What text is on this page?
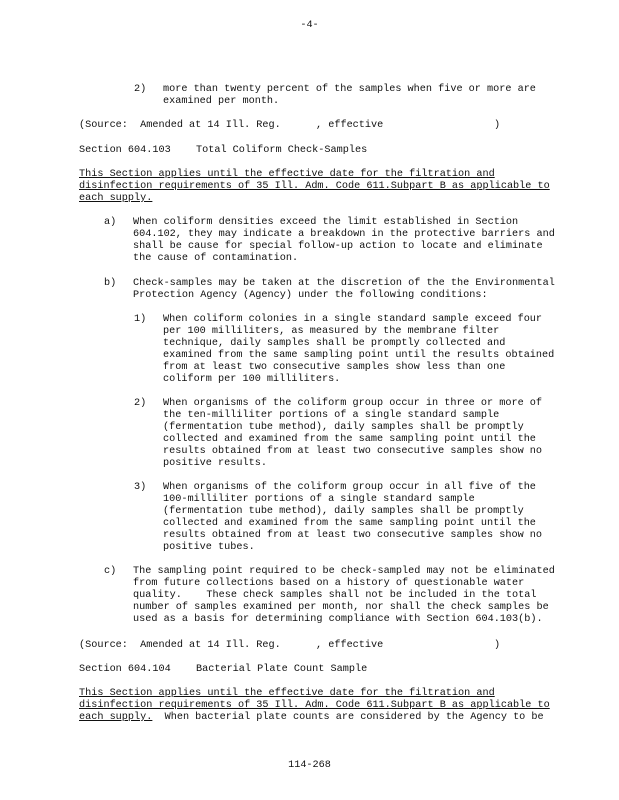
-4-
2) more than twenty percent of the samples when five or more are
examined per month.
(Source:  Amended at 14 Ill. Reg.	, effective	)
Section 604.103 Total Coliform Check-Samples
This Section applies until the effective date for the filtration and
disinfection requirements of 35 Ill. Adm. Code 611.Subpart B as applicable to
each supply.
a) When coliform densities exceed the limit established in Section
604.102, they may indicate a breakdown in the protective barriers and
shall be cause for special follow-up action to locate and eliminate
the cause of contamination.
b) Check-samples may be taken at the discretion of the the Environmental
Protection Agency (Agency) under the following conditions:
1) When coliform colonies in a single standard sample exceed four
per 100 milliliters, as measured by the membrane filter
technique, daily samples shall be promptly collected and
examined from the same sampling point until the results obtained
from at least two consecutive samples show less than one
coliform per 100 milliliters.
2) When organisms of the coliform group occur in three or more of
the ten-milliliter portions of a single standard sample
(fermentation tube method), daily samples shall be promptly
collected and examined from the same sampling point until the
results obtained from at least two consecutive samples show no
positive results.
3) When organisms of the coliform group occur in all five of the
100-milliliter portions of a single standard sample
(fermentation tube method), daily samples shall be promptly
collected and examined from the same sampling point until the
results obtained from at least two consecutive samples show no
positive tubes.
c) The sampling point required to be check-sampled may not be eliminated
from future collections based on a history of questionable water
quality.    These check samples shall not be included in the total
number of samples examined per month, nor shall the check samples be
used as a basis for determining compliance with Section 604.103(b).
(Source:  Amended at 14 Ill. Reg.	, effective	)
Section 604.104 Bacterial Plate Count Sample
This Section applies until the effective date for the filtration and
disinfection requirements of 35 Ill. Adm. Code 611.Subpart B as applicable to
each supply.  When bacterial plate counts are considered by the Agency to be
114-268
